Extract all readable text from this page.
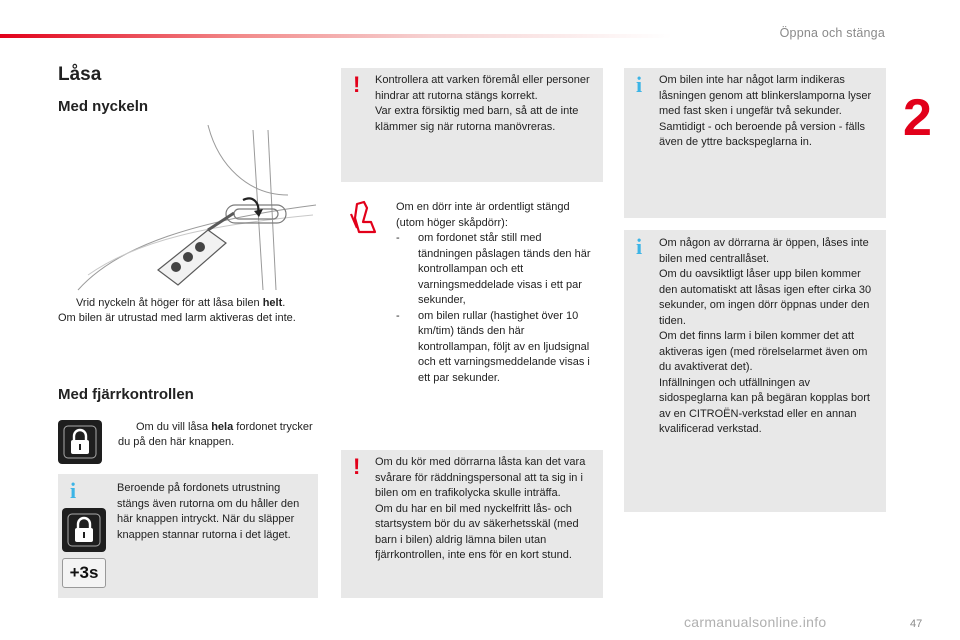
Öppna och stänga
2
Låsa
Med nyckeln
Vrid nyckeln åt höger för att låsa bilen helt.
Om bilen är utrustad med larm aktiveras det inte.
Med fjärrkontrollen
Om du vill låsa hela fordonet trycker du på den här knappen.
i
+3s
Beroende på fordonets utrustning stängs även rutorna om du håller den här knappen intryckt. När du släpper knappen stannar rutorna i det läget.
! Kontrollera att varken föremål eller personer hindrar att rutorna stängs korrekt.
Var extra försiktig med barn, så att de inte klämmer sig när rutorna manövreras.
Om en dörr inte är ordentligt stängd (utom höger skåpdörr):
- om fordonet står still med tändningen påslagen tänds den här kontrollampan och ett varningsmeddelade visas i ett par sekunder,
- om bilen rullar (hastighet över 10 km/tim) tänds den här kontrollampan, följt av en ljudsignal och ett varningsmeddelande visas i ett par sekunder.
! Om du kör med dörrarna låsta kan det vara svårare för räddningspersonal att ta sig in i bilen om en trafikolycka skulle inträffa.
Om du har en bil med nyckelfritt lås- och startsystem bör du av säkerhetsskäl (med barn i bilen) aldrig lämna bilen utan fjärrkontrollen, inte ens för en kort stund.
i Om bilen inte har något larm indikeras låsningen genom att blinkerslamporna lyser med fast sken i ungefär två sekunder.
Samtidigt - och beroende på version - fälls även de yttre backspeglarna in.
i Om någon av dörrarna är öppen, låses inte bilen med centrallåset.
Om du oavsiktligt låser upp bilen kommer den automatiskt att låsas igen efter cirka 30 sekunder, om ingen dörr öppnas under den tiden.
Om det finns larm i bilen kommer det att aktiveras igen (med rörelselarmet även om du avaktiverat det).
Infällningen och utfällningen av sidospeglarna kan på begäran kopplas bort av en CITROËN-verkstad eller en annan kvalificerad verkstad.
carmanualsonline.info	47
